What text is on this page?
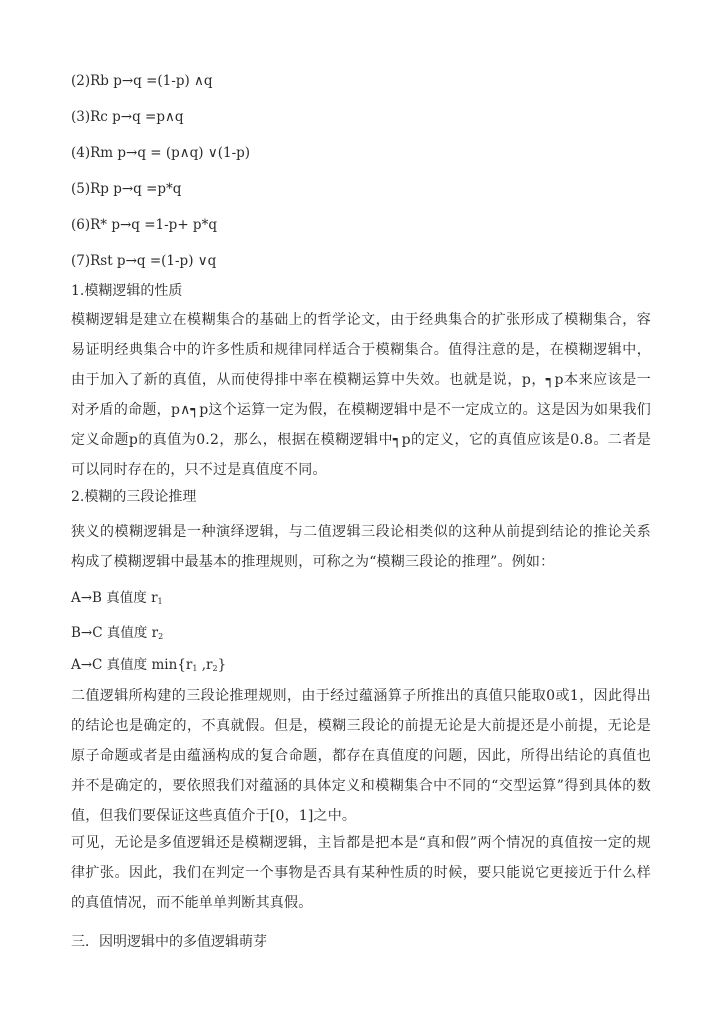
(2)Rb p→q =(1-p) ∧q
(3)Rc p→q =p∧q
(4)Rm p→q = (p∧q) ∨(1-p)
(5)Rp p→q =p*q
(6)R* p→q =1-p+ p*q
(7)Rst p→q =(1-p) ∨q
1.模糊逻辑的性质
模糊逻辑是建立在模糊集合的基础上的哲学论文，由于经典集合的扩张形成了模糊集合，容易证明经典集合中的许多性质和规律同样适合于模糊集合。值得注意的是，在模糊逻辑中，由于加入了新的真值，从而使得排中率在模糊运算中失效。也就是说，p，┑p本来应该是一对矛盾的命题，p∧┑p这个运算一定为假，在模糊逻辑中是不一定成立的。这是因为如果我们定义命题p的真值为0.2，那么，根据在模糊逻辑中┑p的定义，它的真值应该是0.8。二者是可以同时存在的，只不过是真值度不同。
2.模糊的三段论推理
狭义的模糊逻辑是一种演绎逻辑，与二值逻辑三段论相类似的这种从前提到结论的推论关系构成了模糊逻辑中最基本的推理规则，可称之为“模糊三段论的推理”。例如：
A→B 真值度 $r_1$
B→C 真值度 $r_2$
A→C 真值度 $\min\{r_1$ $,r_2$}
二值逻辑所构建的三段论推理规则，由于经过蕴涵算子所推出的真值只能取0或1，因此得出的结论也是确定的，不真就假。但是，模糊三段论的前提无论是大前提还是小前提，无论是原子命题或者是由蕴涵构成的复合命题，都存在真值度的问题，因此，所得出结论的真值也并不是确定的，要依照我们对蕴涵的具体定义和模糊集合中不同的“交型运算”得到具体的数值，但我们要保证这些真值介于[0，1]之中。
可见，无论是多值逻辑还是模糊逻辑，主旨都是把本是“真和假”两个情况的真值按一定的规律扩张。因此，我们在判定一个事物是否具有某种性质的时候，要只能说它更接近于什么样的真值情况，而不能单单判断其真假。
三．因明逻辑中的多值逻辑萌芽
